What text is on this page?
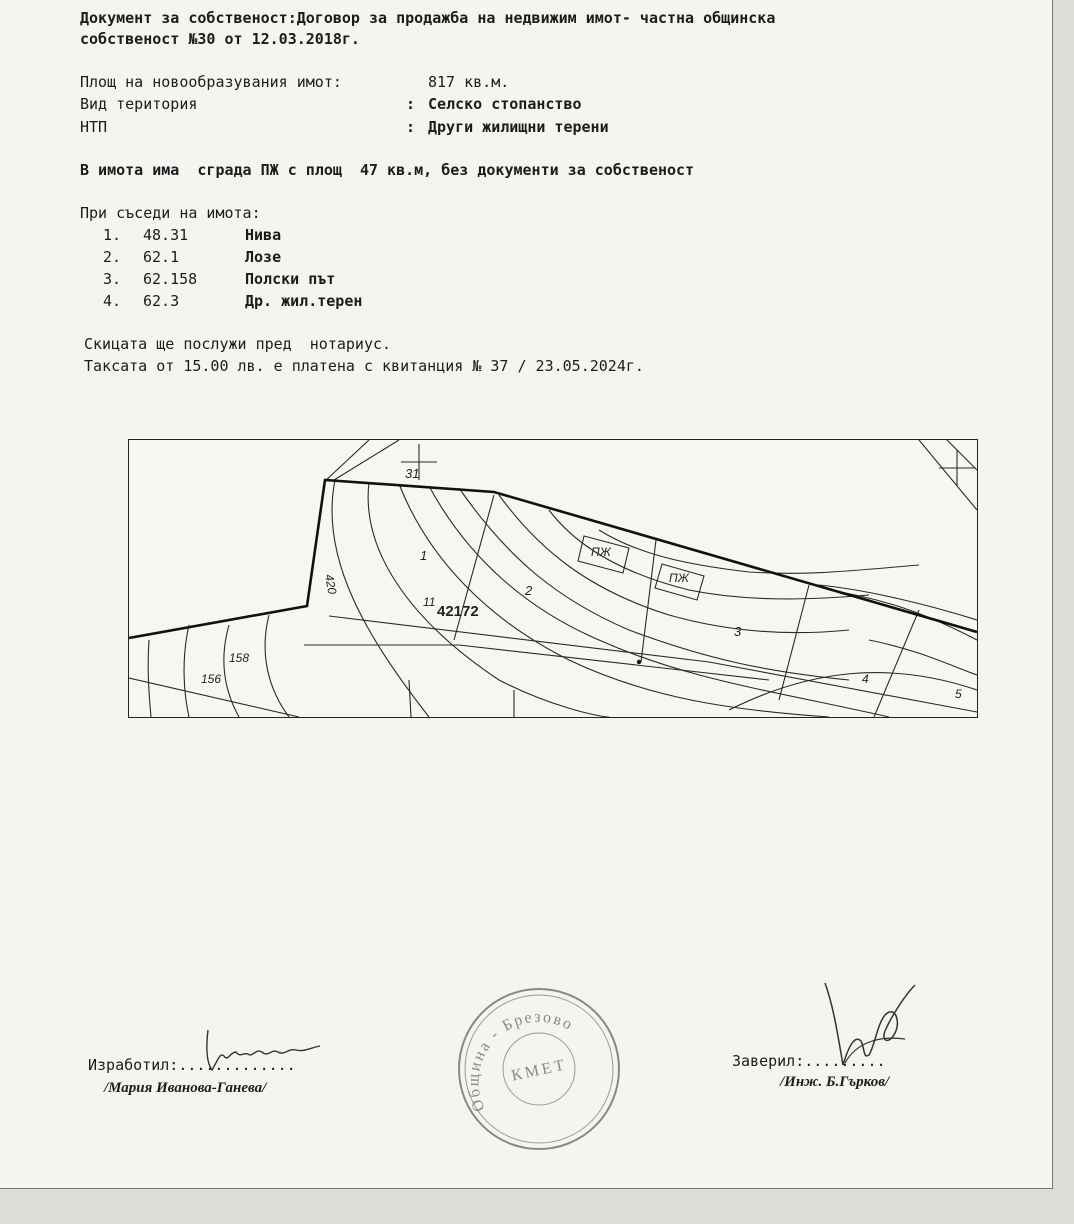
Документ за собственост:Договор за продажба на недвижим имот- частна общинска
собственост №30 от 12.03.2018г.
Площ на новообразувания имот:	817 кв.м.
Вид територия	: Селско стопанство
НТП	: Други жилищни терени
В имота има  сграда ПЖ с площ  47 кв.м, без документи за собственост
При съседи на имота:
1. 48.31	Нива
2. 62.1	Лозе
3. 62.158	Полски път
4. 62.3	Др. жил.терен
Скицата ще послужи пред  нотариус.
Таксата от 15.00 лв. е платена с квитанция № 37 / 23.05.2024г.
31
42172
11
2
1
420
158
156
ПЖ
ПЖ
3
4
5
Изработил:.............
/Мария Иванова-Ганева/
Община - Брезово
КМЕТ	Заверил:.........
/Инж. Б.Гърков/
